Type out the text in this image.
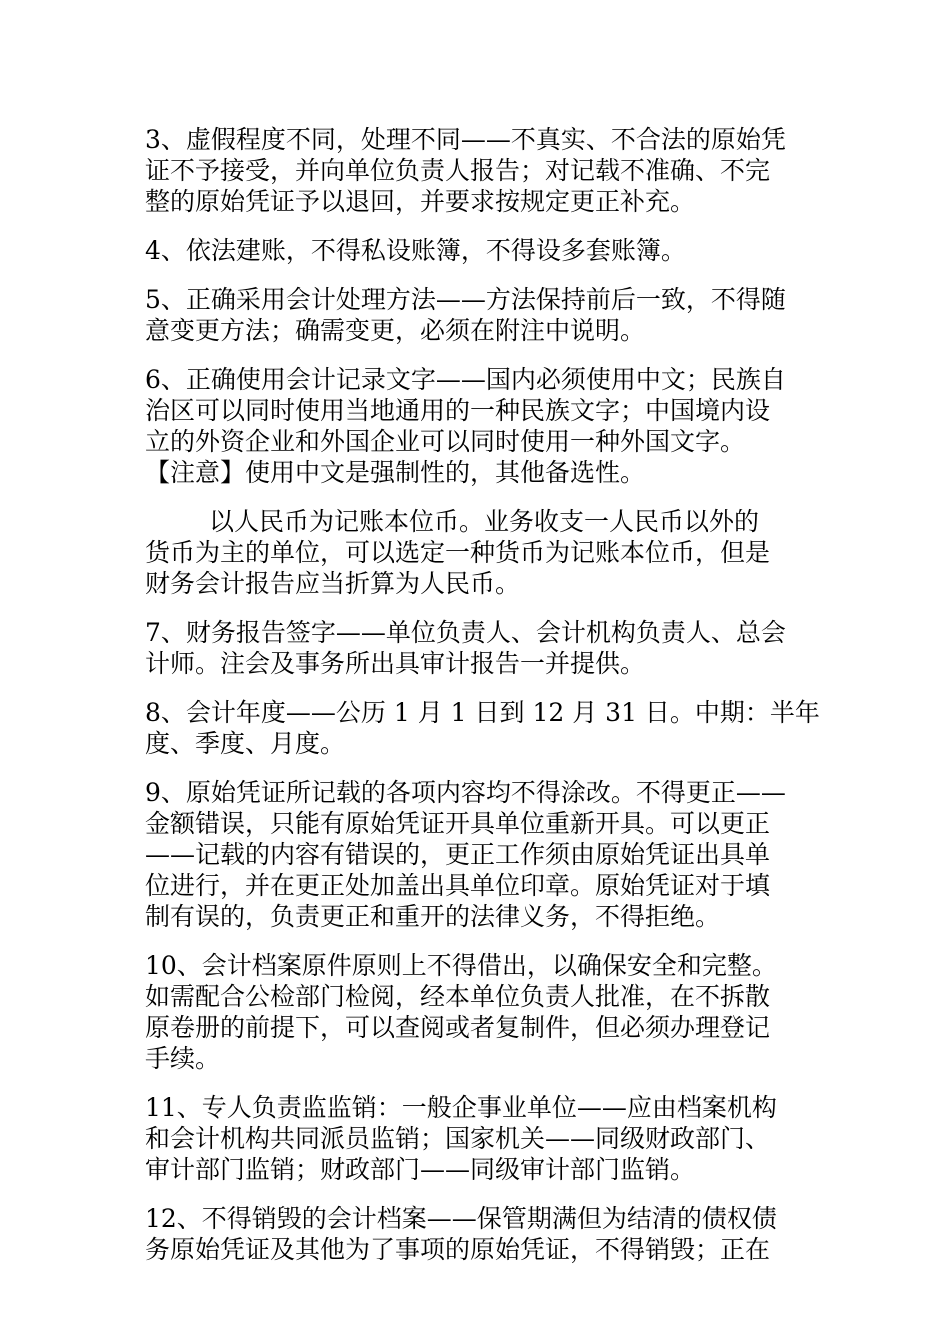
3、虚假程度不同，处理不同——不真实、不合法的原始凭
证不予接受，并向单位负责人报告；对记载不准确、不完
整的原始凭证予以退回，并要求按规定更正补充。

4、依法建账，不得私设账簿，不得设多套账簿。

5、正确采用会计处理方法——方法保持前后一致，不得随
意变更方法；确需变更，必须在附注中说明。

6、正确使用会计记录文字——国内必须使用中文；民族自
治区可以同时使用当地通用的一种民族文字；中国境内设
立的外资企业和外国企业可以同时使用一种外国文字。
【注意】使用中文是强制性的，其他备选性。

以人民币为记账本位币。业务收支一人民币以外的
货币为主的单位，可以选定一种货币为记账本位币，但是
财务会计报告应当折算为人民币。

7、财务报告签字——单位负责人、会计机构负责人、总会
计师。注会及事务所出具审计报告一并提供。

8、会计年度——公历 1 月 1 日到 12 月 31 日。中期：半年
度、季度、月度。

9、原始凭证所记载的各项内容均不得涂改。不得更正——
金额错误，只能有原始凭证开具单位重新开具。可以更正
——记载的内容有错误的，更正工作须由原始凭证出具单
位进行，并在更正处加盖出具单位印章。原始凭证对于填
制有误的，负责更正和重开的法律义务，不得拒绝。

10、会计档案原件原则上不得借出，以确保安全和完整。
如需配合公检部门检阅，经本单位负责人批准，在不拆散
原卷册的前提下，可以查阅或者复制件，但必须办理登记
手续。

11、专人负责监监销：一般企事业单位——应由档案机构
和会计机构共同派员监销；国家机关——同级财政部门、
审计部门监销；财政部门——同级审计部门监销。

12、不得销毁的会计档案——保管期满但为结清的债权债
务原始凭证及其他为了事项的原始凭证，不得销毁；正在
